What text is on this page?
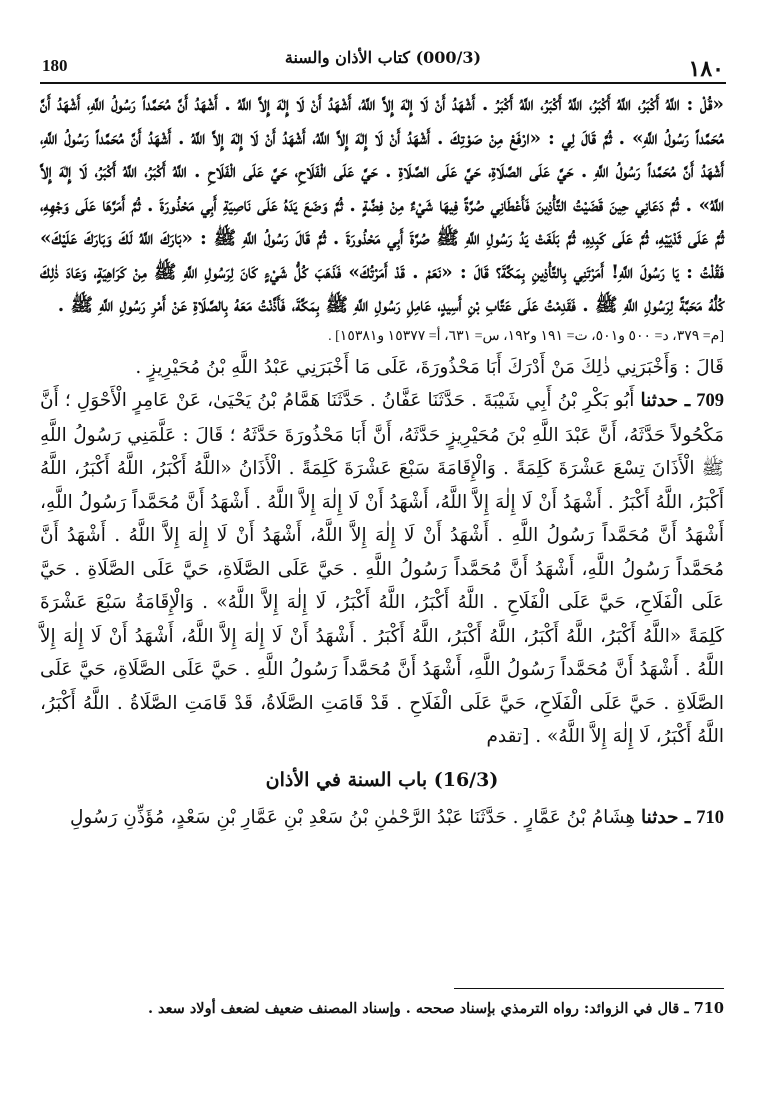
١٨٠
(000/3) كتاب الأذان والسنة
180

«قُلْ : اللَّهُ أَكْبَرُ، اللَّهُ أَكْبَرُ، اللَّهُ أَكْبَرُ، اللَّهُ أَكْبَرُ . أَشْهَدُ أَنْ لَا إِلٰهَ إِلاَّ اللَّهُ، أَشْهَدُ أَنْ لَا إِلٰهَ إِلاَّ اللَّهُ . أَشْهَدُ أَنَّ مُحَمَّداً رَسُولُ اللَّهِ، أَشْهَدُ أَنَّ مُحَمَّداً رَسُولُ اللَّهِ» . ثُمَّ قَالَ لِي : «ارْفَعْ مِنْ صَوْتِكَ . أَشْهَدُ أَنْ لَا إِلٰهَ إِلاَّ اللَّهُ، أَشْهَدُ أَنْ لَا إِلٰهَ إِلاَّ اللَّهُ . أَشْهَدُ أَنَّ مُحَمَّداً رَسُولُ اللَّهِ، أَشْهَدُ أَنَّ مُحَمَّداً رَسُولُ اللَّهِ . حَيَّ عَلَى الصَّلَاةِ، حَيَّ عَلَى الصَّلَاةِ . حَيَّ عَلَى الْفَلَاحِ، حَيَّ عَلَى الْفَلَاحِ . اللَّهُ أَكْبَرُ، اللَّهُ أَكْبَرُ، لَا إِلٰهَ إِلاَّ اللَّهُ» . ثُمَّ دَعَانِي حِينَ قَضَيْتُ التَّأْذِينَ فَأَعْطَانِي صُرَّةً فِيهَا شَيْءٌ مِنْ فِضَّةٍ . ثُمَّ وَضَعَ يَدَهُ عَلَى نَاصِيَةِ أَبِي مَحْذُورَةَ . ثُمَّ أَمَرَّهَا عَلَى وَجْهِهِ، ثُمَّ عَلَى ثَدْيَيْهِ، ثُمَّ عَلَى كَبِدِهِ، ثُمَّ بَلَغَتْ يَدُ رَسُولِ اللَّهِ ﷺ صُرَّةَ أَبِي مَحْذُورَةَ . ثُمَّ قَالَ رَسُولُ اللَّهِ ﷺ : «بَارَكَ اللَّهُ لَكَ وَبَارَكَ عَلَيْكَ» فَقُلْتُ : يَا رَسُولَ اللَّهِ! أَمَرْتَنِي بِالتَّأْذِينِ بِمَكَّةَ؟ قَالَ : «نَعَمْ . قَدْ أَمَرْتُكَ» فَذَهَبَ كُلُّ شَيْءٍ كَانَ لِرَسُولِ اللَّهِ ﷺ مِنْ كَرَاهِيَةٍ، وَعَادَ ذٰلِكَ كُلُّهُ مَحَبَّةً لِرَسُولِ اللَّهِ ﷺ . فَقَدِمْتُ عَلَى عَتَّابِ بْنِ أَسِيدٍ، عَامِلِ رَسُولِ اللَّهِ ﷺ بِمَكَّةَ، فَأَذَّنْتُ مَعَهُ بِالصَّلَاةِ عَنْ أَمْرِ رَسُولِ اللَّهِ ﷺ .

[م= ٣٧٩، د= ٥٠٠ و٥٠١، ت= ١٩١ و١٩٢، س= ٦٣١، أ= ١٥٣٧٧ و١٥٣٨١] .

قَالَ : وَأَخْبَرَنِي ذٰلِكَ مَنْ أَدْرَكَ أَبَا مَحْذُورَةَ، عَلَى مَا أَخْبَرَنِي عَبْدُ اللَّهِ بْنُ مُحَيْرِيزٍ .

709 ـ حدثنا أَبُو بَكْرِ بْنُ أَبِي شَيْبَةَ . حَدَّثَنَا عَفَّانُ . حَدَّثَنَا هَمَّامُ بْنُ يَحْيَىٰ، عَنْ عَامِرٍ الْأَحْوَلِ ؛ أَنَّ مَكْحُولاً حَدَّثَهُ، أَنَّ عَبْدَ اللَّهِ بْنَ مُحَيْرِيزٍ حَدَّثَهُ، أَنَّ أَبَا مَحْذُورَةَ حَدَّثَهُ ؛ قَالَ : عَلَّمَنِي رَسُولُ اللَّهِ ﷺ الْأَذَانَ تِسْعَ عَشْرَةَ كَلِمَةً . وَالْإِقَامَةَ سَبْعَ عَشْرَةَ كَلِمَةً . الْأَذَانُ «اللَّهُ أَكْبَرُ، اللَّهُ أَكْبَرُ، اللَّهُ أَكْبَرُ، اللَّهُ أَكْبَرُ . أَشْهَدُ أَنْ لَا إِلٰهَ إِلاَّ اللَّهُ، أَشْهَدُ أَنْ لَا إِلٰهَ إِلاَّ اللَّهُ . أَشْهَدُ أَنَّ مُحَمَّداً رَسُولُ اللَّهِ، أَشْهَدُ أَنَّ مُحَمَّداً رَسُولُ اللَّهِ . أَشْهَدُ أَنْ لَا إِلٰهَ إِلاَّ اللَّهُ، أَشْهَدُ أَنْ لَا إِلٰهَ إِلاَّ اللَّهُ . أَشْهَدُ أَنَّ مُحَمَّداً رَسُولُ اللَّهِ، أَشْهَدُ أَنَّ مُحَمَّداً رَسُولُ اللَّهِ . حَيَّ عَلَى الصَّلَاةِ، حَيَّ عَلَى الصَّلَاةِ . حَيَّ عَلَى الْفَلَاحِ، حَيَّ عَلَى الْفَلَاحِ . اللَّهُ أَكْبَرُ، اللَّهُ أَكْبَرُ، لَا إِلٰهَ إِلاَّ اللَّهُ» . وَالْإِقَامَةُ سَبْعَ عَشْرَةَ كَلِمَةً «اللَّهُ أَكْبَرُ، اللَّهُ أَكْبَرُ، اللَّهُ أَكْبَرُ، اللَّهُ أَكْبَرُ . أَشْهَدُ أَنْ لَا إِلٰهَ إِلاَّ اللَّهُ، أَشْهَدُ أَنْ لَا إِلٰهَ إِلاَّ اللَّهُ . أَشْهَدُ أَنَّ مُحَمَّداً رَسُولُ اللَّهِ، أَشْهَدُ أَنَّ مُحَمَّداً رَسُولُ اللَّهِ . حَيَّ عَلَى الصَّلَاةِ، حَيَّ عَلَى الصَّلَاةِ . حَيَّ عَلَى الْفَلَاحِ، حَيَّ عَلَى الْفَلَاحِ . قَدْ قَامَتِ الصَّلَاةُ، قَدْ قَامَتِ الصَّلَاةُ . اللَّهُ أَكْبَرُ، اللَّهُ أَكْبَرُ، لَا إِلٰهَ إِلاَّ اللَّهُ» . [تقدم

(16/3) باب السنة في الأذان

710 ـ حدثنا هِشَامُ بْنُ عَمَّارٍ . حَدَّثَنَا عَبْدُ الرَّحْمٰنِ بْنُ سَعْدِ بْنِ عَمَّارِ بْنِ سَعْدٍ، مُؤَذِّنِ رَسُولِ

710 ـ قال في الزوائد: رواه الترمذي بإسناد صححه . وإسناد المصنف ضعيف لضعف أولاد سعد .
